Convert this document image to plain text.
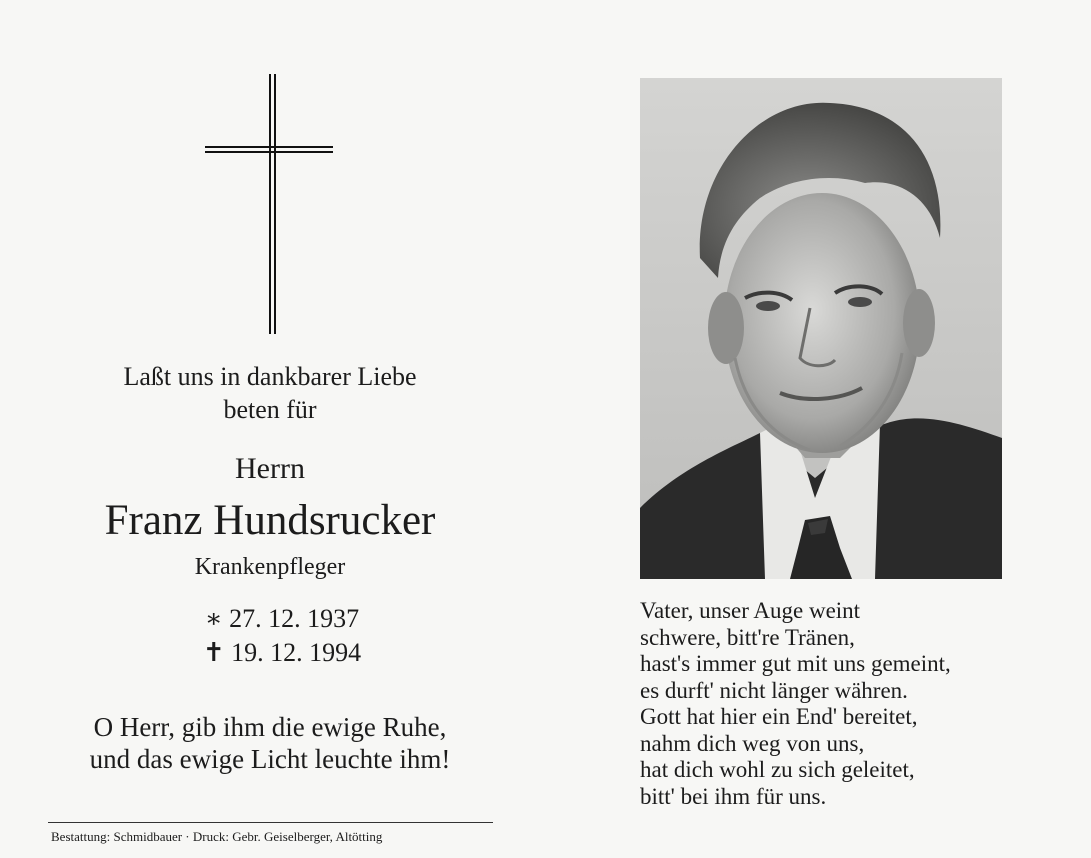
Laßt uns in dankbarer Liebe
beten für
Herrn
Franz Hundsrucker
Krankenpfleger
∗ 27. 12. 1937
✝ 19. 12. 1994
O Herr, gib ihm die ewige Ruhe,
und das ewige Licht leuchte ihm!
Bestattung: Schmidbauer · Druck: Gebr. Geiselberger, Altötting
Vater, unser Auge weint
schwere, bitt're Tränen,
hast's immer gut mit uns gemeint,
es durft' nicht länger währen.
Gott hat hier ein End' bereitet,
nahm dich weg von uns,
hat dich wohl zu sich geleitet,
bitt' bei ihm für uns.
